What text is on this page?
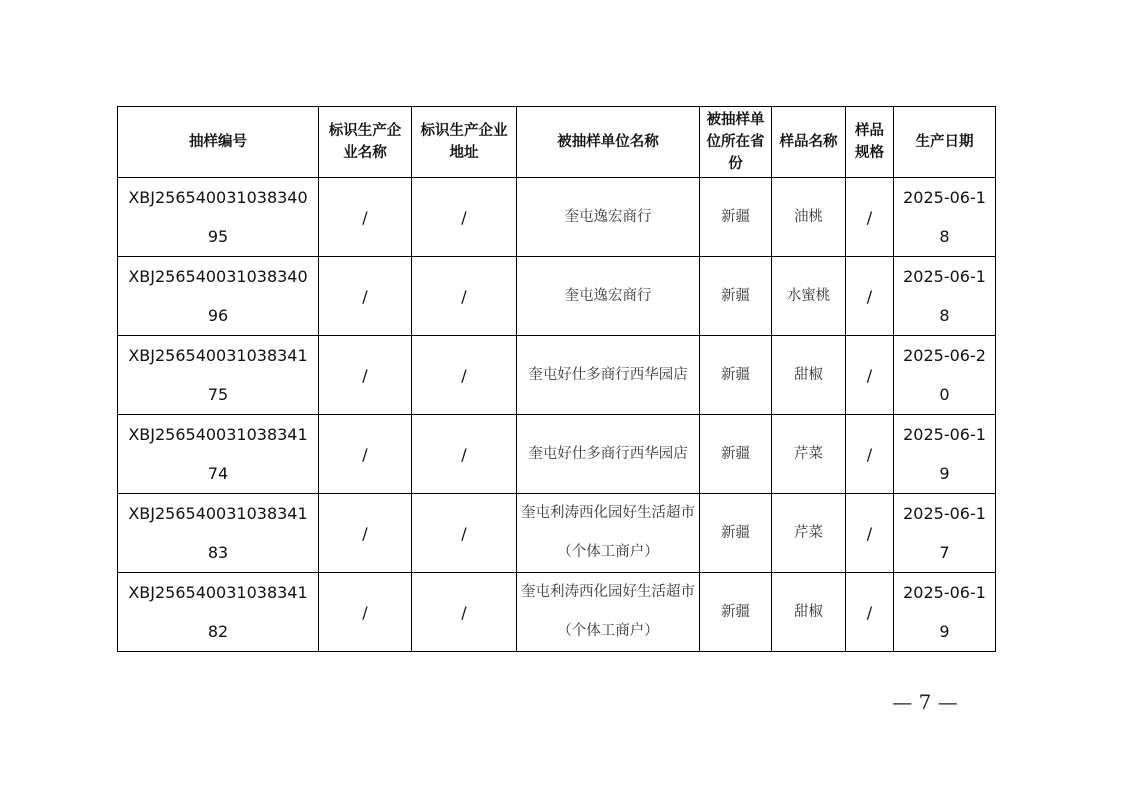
抽样编号	标识生产企业名称	标识生产企业地址	被抽样单位名称	被抽样单位所在省份	样品名称	样品规格	生产日期
XBJ25654003103834095	/	/	奎屯逸宏商行	新疆	油桃	/	2025-06-18
XBJ25654003103834096	/	/	奎屯逸宏商行	新疆	水蜜桃	/	2025-06-18
XBJ25654003103834175	/	/	奎屯好仕多商行西华园店	新疆	甜椒	/	2025-06-20
XBJ25654003103834174	/	/	奎屯好仕多商行西华园店	新疆	芹菜	/	2025-06-19
XBJ25654003103834183	/	/	奎屯利涛西化园好生活超市（个体工商户）	新疆	芹菜	/	2025-06-17
XBJ25654003103834182	/	/	奎屯利涛西化园好生活超市（个体工商户）	新疆	甜椒	/	2025-06-19
— 7 —
